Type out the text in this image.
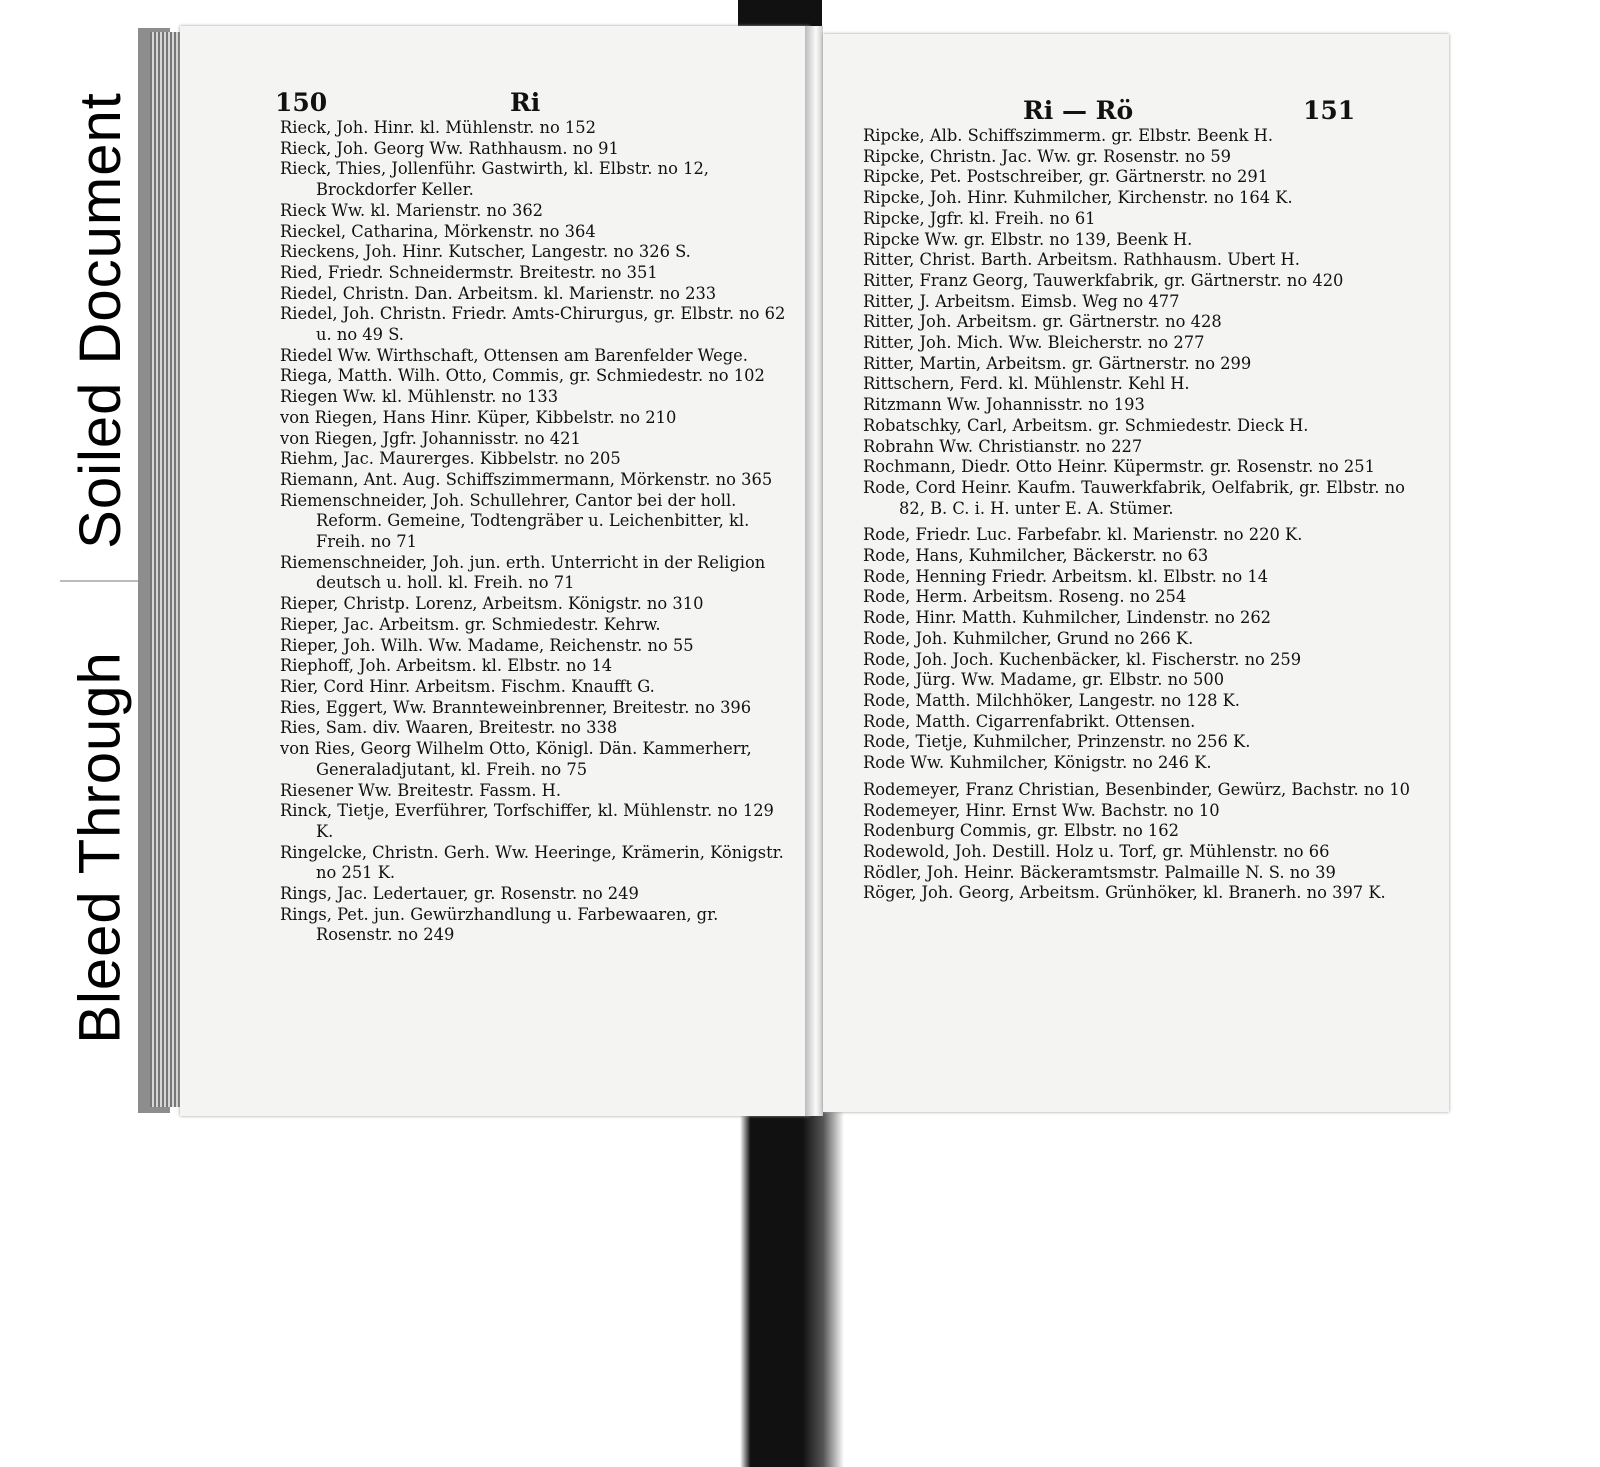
Soiled Document
Bleed Through
150	Ri

Rieck, Joh. Hinr. kl. Mühlenstr. no 152

Rieck, Joh. Georg Ww. Rathhausm. no 91

Rieck, Thies, Jollenführ. Gastwirth, kl. Elbstr. no 12, Brockdorfer Keller.

Rieck Ww. kl. Marienstr. no 362

Rieckel, Catharina, Mörkenstr. no 364

Rieckens, Joh. Hinr. Kutscher, Langestr. no 326 S.

Ried, Friedr. Schneidermstr. Breitestr. no 351

Riedel, Christn. Dan. Arbeitsm. kl. Marienstr. no 233

Riedel, Joh. Christn. Friedr. Amts-Chirurgus, gr. Elbstr. no 62 u. no 49 S.

Riedel Ww. Wirthschaft, Ottensen am Barenfelder Wege.

Riega, Matth. Wilh. Otto, Commis, gr. Schmiedestr. no 102

Riegen Ww. kl. Mühlenstr. no 133

von Riegen, Hans Hinr. Küper, Kibbelstr. no 210

von Riegen, Jgfr. Johannisstr. no 421

Riehm, Jac. Maurerges. Kibbelstr. no 205

Riemann, Ant. Aug. Schiffszimmermann, Mörkenstr. no 365

Riemenschneider, Joh. Schullehrer, Cantor bei der holl. Reform. Gemeine, Todtengräber u. Leichenbitter, kl. Freih. no 71

Riemenschneider, Joh. jun. erth. Unterricht in der Religion deutsch u. holl. kl. Freih. no 71

Rieper, Christp. Lorenz, Arbeitsm. Königstr. no 310

Rieper, Jac. Arbeitsm. gr. Schmiedestr. Kehrw.

Rieper, Joh. Wilh. Ww. Madame, Reichenstr. no 55

Riephoff, Joh. Arbeitsm. kl. Elbstr. no 14

Rier, Cord Hinr. Arbeitsm. Fischm. Knaufft G.

Ries, Eggert, Ww. Brannteweinbrenner, Breitestr. no 396

Ries, Sam. div. Waaren, Breitestr. no 338

von Ries, Georg Wilhelm Otto, Königl. Dän. Kammerherr, Generaladjutant, kl. Freih. no 75

Riesener Ww. Breitestr. Fassm. H.

Rinck, Tietje, Everführer, Torfschiffer, kl. Mühlenstr. no 129 K.

Ringelcke, Christn. Gerh. Ww. Heeringe, Krämerin, Königstr. no 251 K.

Rings, Jac. Ledertauer, gr. Rosenstr. no 249

Rings, Pet. jun. Gewürzhandlung u. Farbewaaren, gr. Rosenstr. no 249

Ri — Rö	151

Ripcke, Alb. Schiffszimmerm. gr. Elbstr. Beenk H.

Ripcke, Christn. Jac. Ww. gr. Rosenstr. no 59

Ripcke, Pet. Postschreiber, gr. Gärtnerstr. no 291

Ripcke, Joh. Hinr. Kuhmilcher, Kirchenstr. no 164 K.

Ripcke, Jgfr. kl. Freih. no 61

Ripcke Ww. gr. Elbstr. no 139, Beenk H.

Ritter, Christ. Barth. Arbeitsm. Rathhausm. Ubert H.

Ritter, Franz Georg, Tauwerkfabrik, gr. Gärtnerstr. no 420

Ritter, J. Arbeitsm. Eimsb. Weg no 477

Ritter, Joh. Arbeitsm. gr. Gärtnerstr. no 428

Ritter, Joh. Mich. Ww. Bleicherstr. no 277

Ritter, Martin, Arbeitsm. gr. Gärtnerstr. no 299

Rittschern, Ferd. kl. Mühlenstr. Kehl H.

Ritzmann Ww. Johannisstr. no 193

Robatschky, Carl, Arbeitsm. gr. Schmiedestr. Dieck H.

Robrahn Ww. Christianstr. no 227

Rochmann, Diedr. Otto Heinr. Küpermstr. gr. Rosenstr. no 251

Rode, Cord Heinr. Kaufm. Tauwerkfabrik, Oelfabrik, gr. Elbstr. no 82, B. C. i. H. unter E. A. Stümer.

Rode, Friedr. Luc. Farbefabr. kl. Marienstr. no 220 K.

Rode, Hans, Kuhmilcher, Bäckerstr. no 63

Rode, Henning Friedr. Arbeitsm. kl. Elbstr. no 14

Rode, Herm. Arbeitsm. Roseng. no 254

Rode, Hinr. Matth. Kuhmilcher, Lindenstr. no 262

Rode, Joh. Kuhmilcher, Grund no 266 K.

Rode, Joh. Joch. Kuchenbäcker, kl. Fischerstr. no 259

Rode, Jürg. Ww. Madame, gr. Elbstr. no 500

Rode, Matth. Milchhöker, Langestr. no 128 K.

Rode, Matth. Cigarrenfabrikt. Ottensen.

Rode, Tietje, Kuhmilcher, Prinzenstr. no 256 K.

Rode Ww. Kuhmilcher, Königstr. no 246 K.

Rodemeyer, Franz Christian, Besenbinder, Gewürz, Bachstr. no 10

Rodemeyer, Hinr. Ernst Ww. Bachstr. no 10

Rodenburg Commis, gr. Elbstr. no 162

Rodewold, Joh. Destill. Holz u. Torf, gr. Mühlenstr. no 66

Rödler, Joh. Heinr. Bäckeramtsmstr. Palmaille N. S. no 39

Röger, Joh. Georg, Arbeitsm. Grünhöker, kl. Branerh. no 397 K.
